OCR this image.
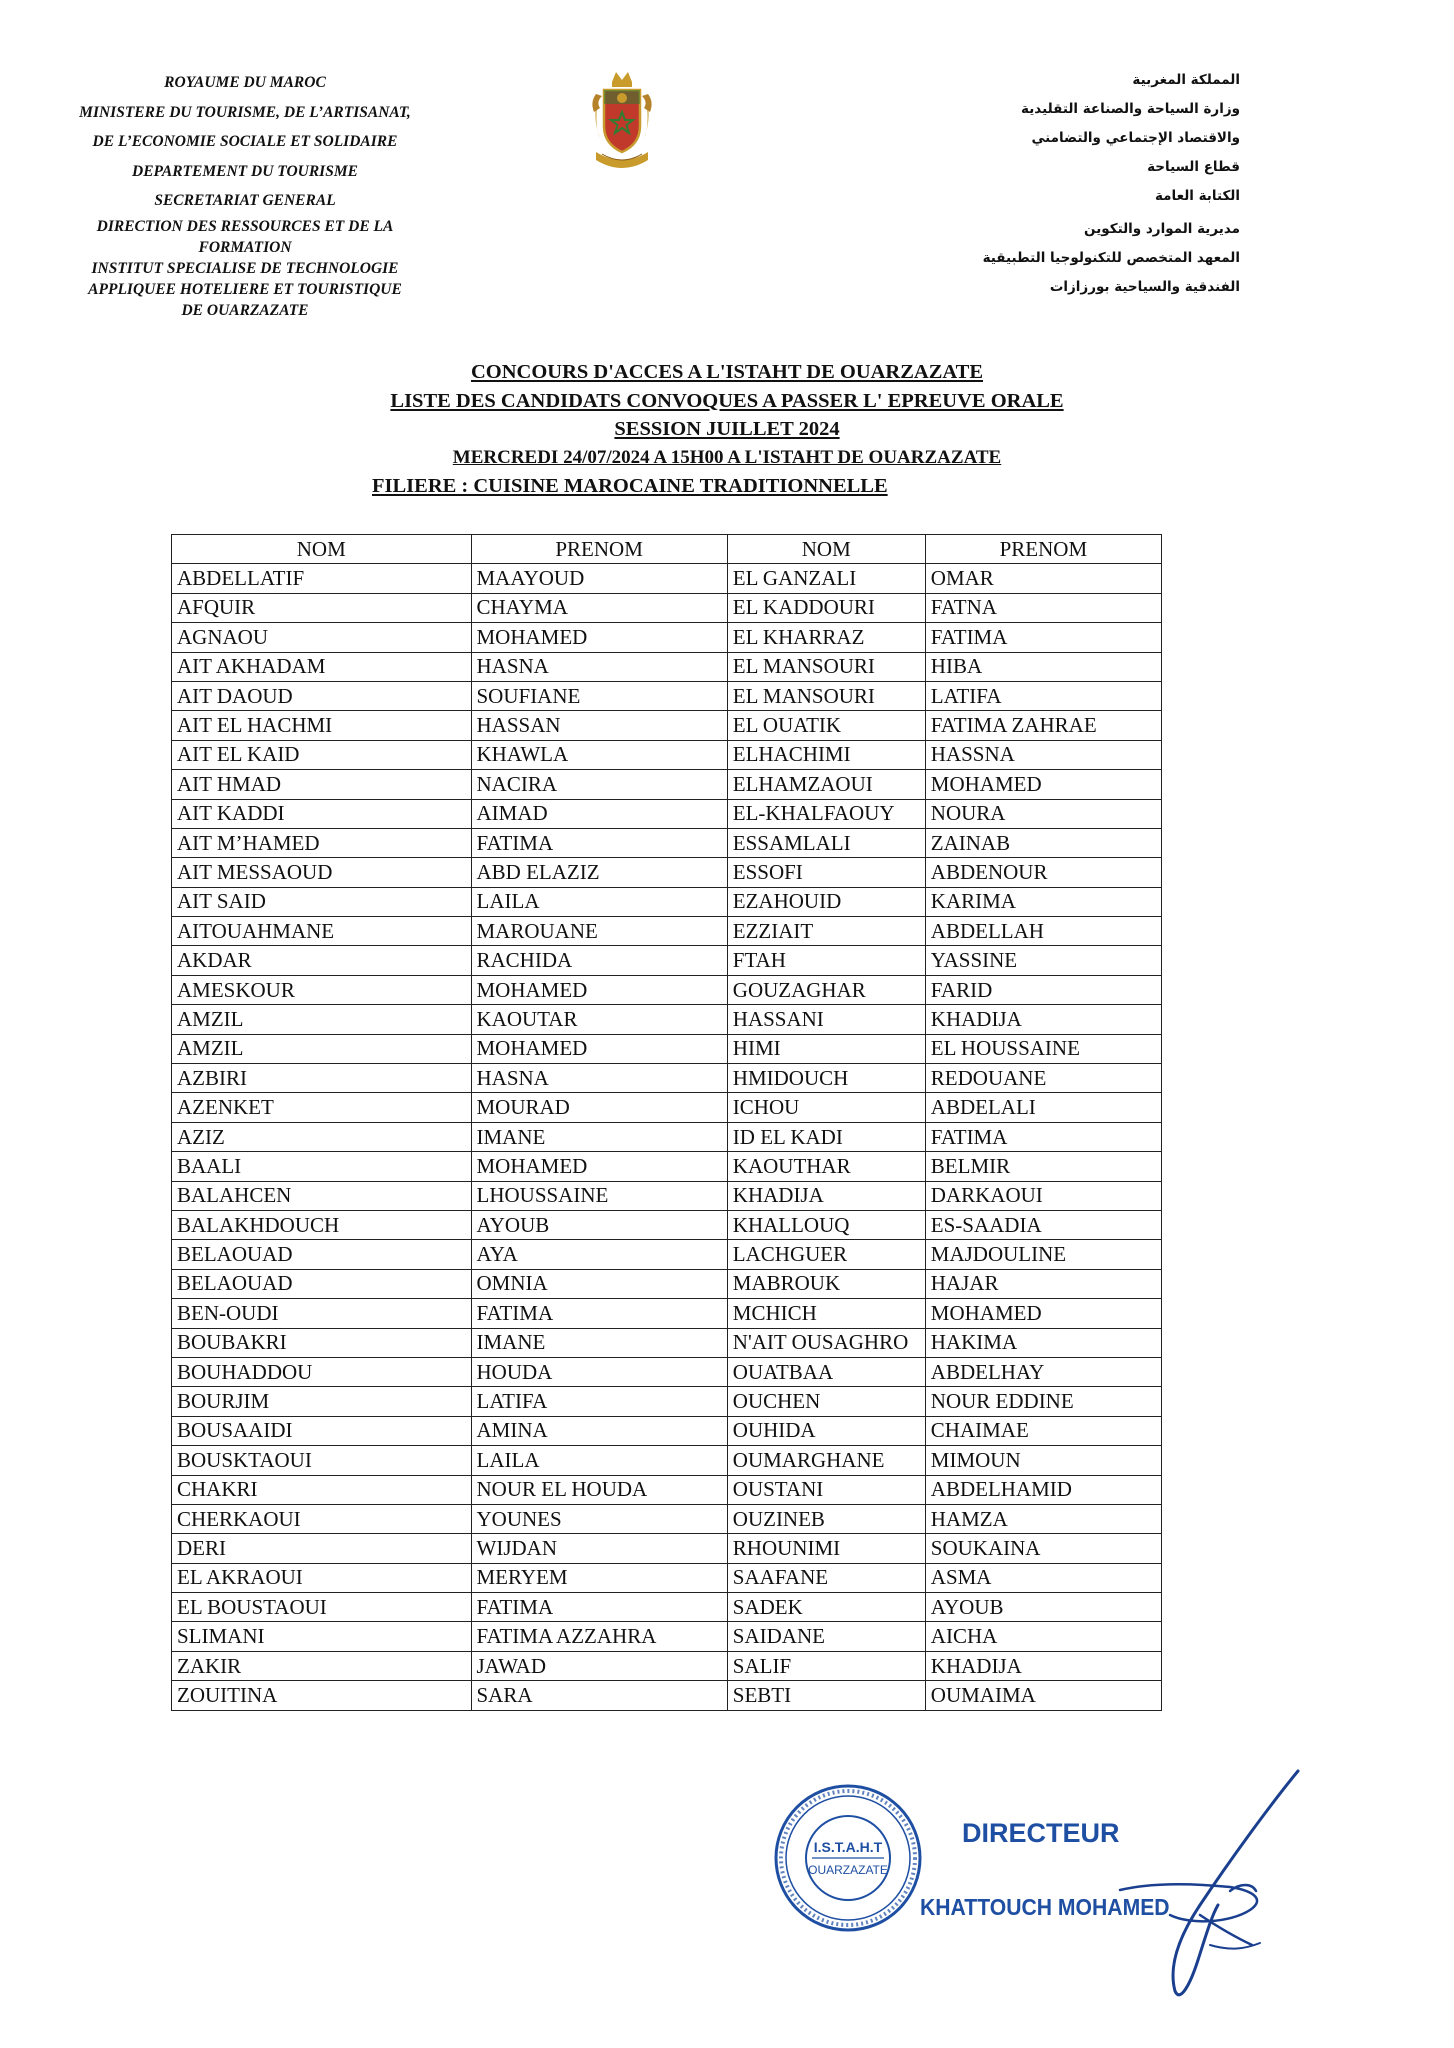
ROYAUME DU MAROC
MINISTERE DU TOURISME, DE L’ARTISANAT,
DE L’ECONOMIE SOCIALE ET SOLIDAIRE
DEPARTEMENT DU TOURISME
SECRETARIAT GENERAL
DIRECTION DES RESSOURCES ET DE LA
FORMATION
INSTITUT SPECIALISE DE TECHNOLOGIE
APPLIQUEE HOTELIERE ET TOURISTIQUE
DE OUARZAZATE
المملكة المغربية
وزارة السياحة والصناعة التقليدية
والاقتصاد الإجتماعي والتضامني
قطاع السياحة
الكتابة العامة
مديرية الموارد والتكوين
المعهد المتخصص للتكنولوجيا التطبيقية
الفندقية والسياحية بورزازات
CONCOURS D'ACCES A L'ISTAHT DE OUARZAZATE
LISTE DES CANDIDATS CONVOQUES A PASSER L' EPREUVE ORALE
SESSION JUILLET 2024
MERCREDI 24/07/2024 A 15H00 A L'ISTAHT DE OUARZAZATE
FILIERE : CUISINE MAROCAINE TRADITIONNELLE
NOM	PRENOM	NOM	PRENOM
ABDELLATIF	MAAYOUD	EL GANZALI	OMAR
AFQUIR	CHAYMA	EL KADDOURI	FATNA
AGNAOU	MOHAMED	EL KHARRAZ	FATIMA
AIT AKHADAM	HASNA	EL MANSOURI	HIBA
AIT DAOUD	SOUFIANE	EL MANSOURI	LATIFA
AIT EL HACHMI	HASSAN	EL OUATIK	FATIMA ZAHRAE
AIT EL KAID	KHAWLA	ELHACHIMI	HASSNA
AIT HMAD	NACIRA	ELHAMZAOUI	MOHAMED
AIT KADDI	AIMAD	EL-KHALFAOUY	NOURA
AIT M’HAMED	FATIMA	ESSAMLALI	ZAINAB
AIT MESSAOUD	ABD ELAZIZ	ESSOFI	ABDENOUR
AIT SAID	LAILA	EZAHOUID	KARIMA
AITOUAHMANE	MAROUANE	EZZIAIT	ABDELLAH
AKDAR	RACHIDA	FTAH	YASSINE
AMESKOUR	MOHAMED	GOUZAGHAR	FARID
AMZIL	KAOUTAR	HASSANI	KHADIJA
AMZIL	MOHAMED	HIMI	EL HOUSSAINE
AZBIRI	HASNA	HMIDOUCH	REDOUANE
AZENKET	MOURAD	ICHOU	ABDELALI
AZIZ	IMANE	ID EL KADI	FATIMA
BAALI	MOHAMED	KAOUTHAR	BELMIR
BALAHCEN	LHOUSSAINE	KHADIJA	DARKAOUI
BALAKHDOUCH	AYOUB	KHALLOUQ	ES-SAADIA
BELAOUAD	AYA	LACHGUER	MAJDOULINE
BELAOUAD	OMNIA	MABROUK	HAJAR
BEN-OUDI	FATIMA	MCHICH	MOHAMED
BOUBAKRI	IMANE	N'AIT OUSAGHRO	HAKIMA
BOUHADDOU	HOUDA	OUATBAA	ABDELHAY
BOURJIM	LATIFA	OUCHEN	NOUR EDDINE
BOUSAAIDI	AMINA	OUHIDA	CHAIMAE
BOUSKTAOUI	LAILA	OUMARGHANE	MIMOUN
CHAKRI	NOUR EL HOUDA	OUSTANI	ABDELHAMID
CHERKAOUI	YOUNES	OUZINEB	HAMZA
DERI	WIJDAN	RHOUNIMI	SOUKAINA
EL AKRAOUI	MERYEM	SAAFANE	ASMA
EL BOUSTAOUI	FATIMA	SADEK	AYOUB
SLIMANI	FATIMA AZZAHRA	SAIDANE	AICHA
ZAKIR	JAWAD	SALIF	KHADIJA
ZOUITINA	SARA	SEBTI	OUMAIMA
I.S.T.A.H.T
OUARZAZATE
DIRECTEUR
KHATTOUCH MOHAMED
